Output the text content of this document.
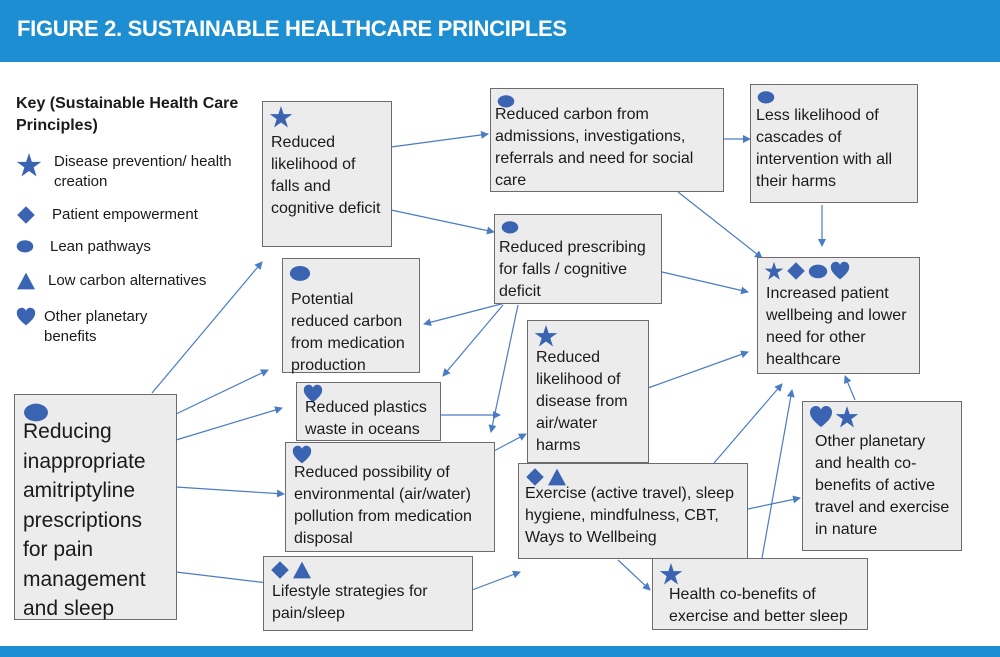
FIGURE 2. SUSTAINABLE HEALTHCARE PRINCIPLES
Key (Sustainable Health Care Principles)
Disease prevention/ health creation
Patient empowerment
Lean pathways
Low carbon alternatives
Other planetary benefits
Reducing inappropriate amitriptyline prescriptions for pain management and sleep
Reduced likelihood of falls and cognitive deficit
Potential reduced carbon from medication production
Reduced plastics waste in oceans
Reduced possibility of environmental (air/water) pollution from medication disposal
Lifestyle strategies for pain/sleep
Reduced carbon from admissions, investigations, referrals and need for social care
Reduced prescribing for falls / cognitive deficit
Reduced likelihood of disease from air/water harms
Exercise (active travel), sleep hygiene, mindfulness, CBT, Ways to Wellbeing
Health co-benefits of exercise and better sleep
Less likelihood of cascades of intervention with all their harms
Increased patient wellbeing and lower need for other healthcare
Other planetary and health co-benefits of active travel and exercise in nature
